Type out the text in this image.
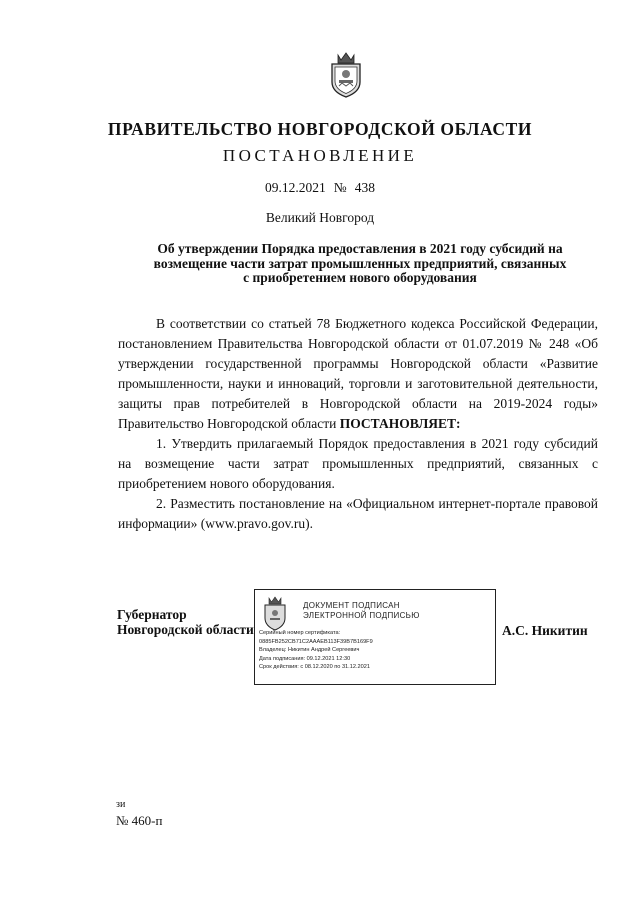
ПРАВИТЕЛЬСТВО НОВГОРОДСКОЙ ОБЛАСТИ
ПОСТАНОВЛЕНИЕ
09.12.2021 № 438
Великий Новгород
Об утверждении Порядка предоставления в 2021 году субсидий на
возмещение части затрат промышленных предприятий, связанных
с приобретением нового оборудования

В соответствии со статьей 78 Бюджетного кодекса Российской Федерации, постановлением Правительства Новгородской области от 01.07.2019 № 248 «Об утверждении государственной программы Новгородской области «Развитие промышленности, науки и инноваций, торговли и заготовительной деятельности, защиты прав потребителей в Новгородской области на 2019-2024 годы» Правительство Новгородской области ПОСТАНОВЛЯЕТ:

1. Утвердить прилагаемый Порядок предоставления в 2021 году субсидий на возмещение части затрат промышленных предприятий, связанных с приобретением нового оборудования.

2. Разместить постановление на «Официальном интернет-портале правовой информации» (www.pravo.gov.ru).

Губернатор
Новгородской области
ДОКУМЕНТ ПОДПИСАН
ЭЛЕКТРОННОЙ ПОДПИСЬЮ
Серийный номер сертификата:
0885FB252CB71C2AAAEB113F39B7B169F9
Владелец: Никитин Андрей Сергеевич
Дата подписания: 09.12.2021 12:30
Срок действия: с 08.12.2020 по 31.12.2021
А.С. Никитин
зи
№ 460-п
